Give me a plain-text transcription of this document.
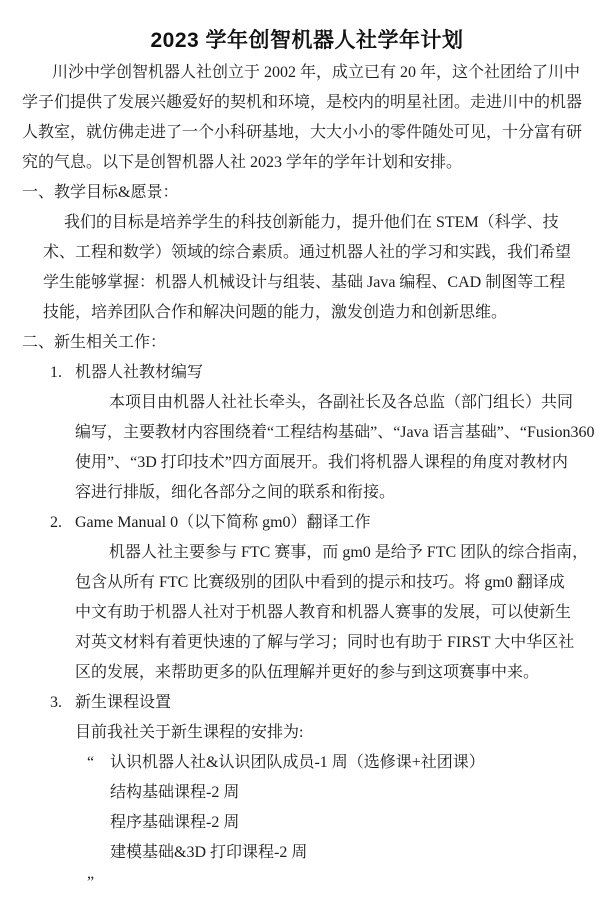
2023 学年创智机器人社学年计划
川沙中学创智机器人社创立于 2002 年，成立已有 20 年，这个社团给了川中
学子们提供了发展兴趣爱好的契机和环境，是校内的明星社团。走进川中的机器
人教室，就仿佛走进了一个小科研基地，大大小小的零件随处可见，十分富有研
究的气息。以下是创智机器人社 2023 学年的学年计划和安排。
一、教学目标&愿景：
我们的目标是培养学生的科技创新能力，提升他们在 STEM（科学、技
术、工程和数学）领域的综合素质。通过机器人社的学习和实践，我们希望
学生能够掌握：机器人机械设计与组装、基础 Java 编程、CAD 制图等工程
技能，培养团队合作和解决问题的能力，激发创造力和创新思维。
二、新生相关工作：
1. 机器人社教材编写
本项目由机器人社社长牵头，各副社长及各总监（部门组长）共同
编写，主要教材内容围绕着“工程结构基础”、“Java 语言基础”、“Fusion360
使用”、“3D 打印技术”四方面展开。我们将机器人课程的角度对教材内
容进行排版，细化各部分之间的联系和衔接。
2. Game Manual 0（以下简称 gm0）翻译工作
机器人社主要参与 FTC 赛事，而 gm0 是给予 FTC 团队的综合指南，
包含从所有 FTC 比赛级别的团队中看到的提示和技巧。将 gm0 翻译成
中文有助于机器人社对于机器人教育和机器人赛事的发展，可以使新生
对英文材料有着更快速的了解与学习；同时也有助于 FIRST 大中华区社
区的发展，来帮助更多的队伍理解并更好的参与到这项赛事中来。
3. 新生课程设置
目前我社关于新生课程的安排为:
“ 认识机器人社&认识团队成员-1 周（选修课+社团课）
结构基础课程-2 周
程序基础课程-2 周
建模基础&3D 打印课程-2 周
”
